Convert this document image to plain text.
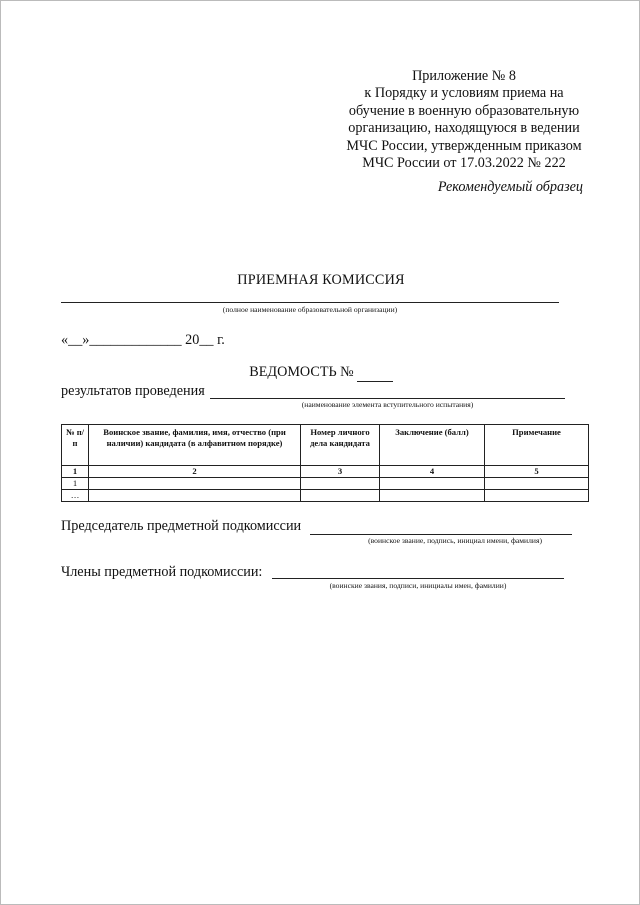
Приложение № 8
к Порядку и условиям приема на
обучение в военную образовательную
организацию, находящуюся в ведении
МЧС России, утвержденным приказом
МЧС России от 17.03.2022 № 222
Рекомендуемый образец
ПРИЕМНАЯ КОМИССИЯ
(полное наименование образовательной организации)
«__»_____________ 20__ г.
ВЕДОМОСТЬ №
результатов проведения
(наименование элемента вступительного испытания)
№ п/п	Воинское звание, фамилия, имя, отчество (при наличии) кандидата (в алфавитном порядке)	Номер личного дела кандидата	Заключение (балл)	Примечание
1	2	3	4	5
1				
…				
Председатель предметной подкомиссии
(воинское звание, подпись, инициал имени, фамилия)
Члены предметной подкомиссии:
(воинские звания, подписи, инициалы имен, фамилии)
